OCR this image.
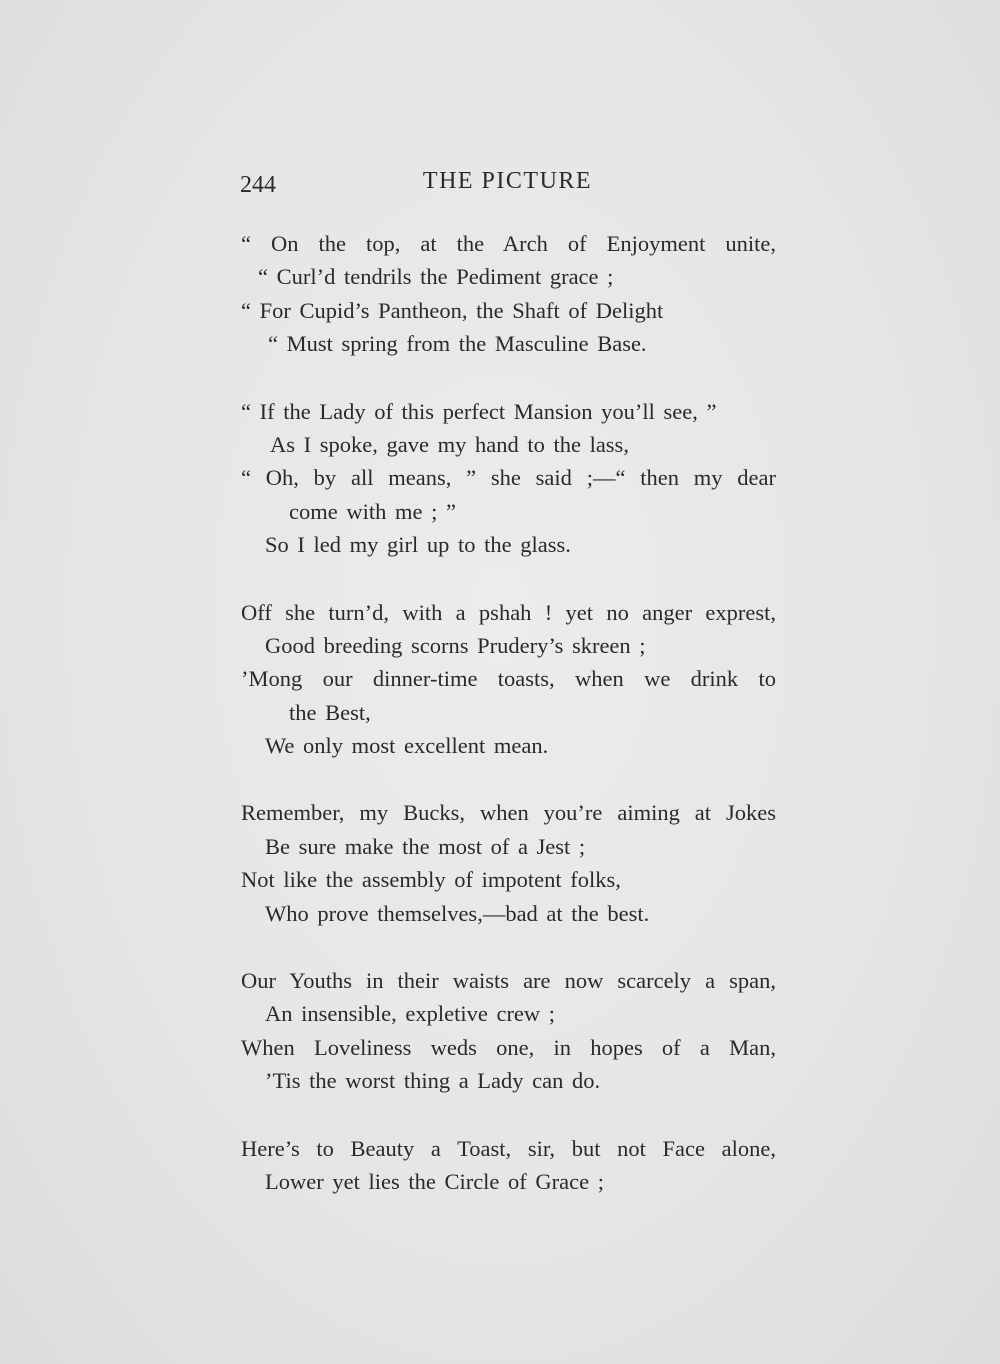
244	THE PICTURE
“ On the top, at the Arch of Enjoyment unite,
“ Curl’d tendrils the Pediment grace ;
“ For Cupid’s Pantheon, the Shaft of Delight
“ Must spring from the Masculine Base.
“ If the Lady of this perfect Mansion you’ll see, ”
As I spoke, gave my hand to the lass,
“ Oh, by all means, ” she said ;—“ then my dear
come with me ; ”
So I led my girl up to the glass.
Off she turn’d, with a pshah ! yet no anger exprest,
Good breeding scorns Prudery’s skreen ;
’Mong our dinner-time toasts, when we drink to
the Best,
We only most excellent mean.
Remember, my Bucks, when you’re aiming at Jokes
Be sure make the most of a Jest ;
Not like the assembly of impotent folks,
Who prove themselves,—bad at the best.
Our Youths in their waists are now scarcely a span,
An insensible, expletive crew ;
When Loveliness weds one, in hopes of a Man,
’Tis the worst thing a Lady can do.
Here’s to Beauty a Toast, sir, but not Face alone,
Lower yet lies the Circle of Grace ;
